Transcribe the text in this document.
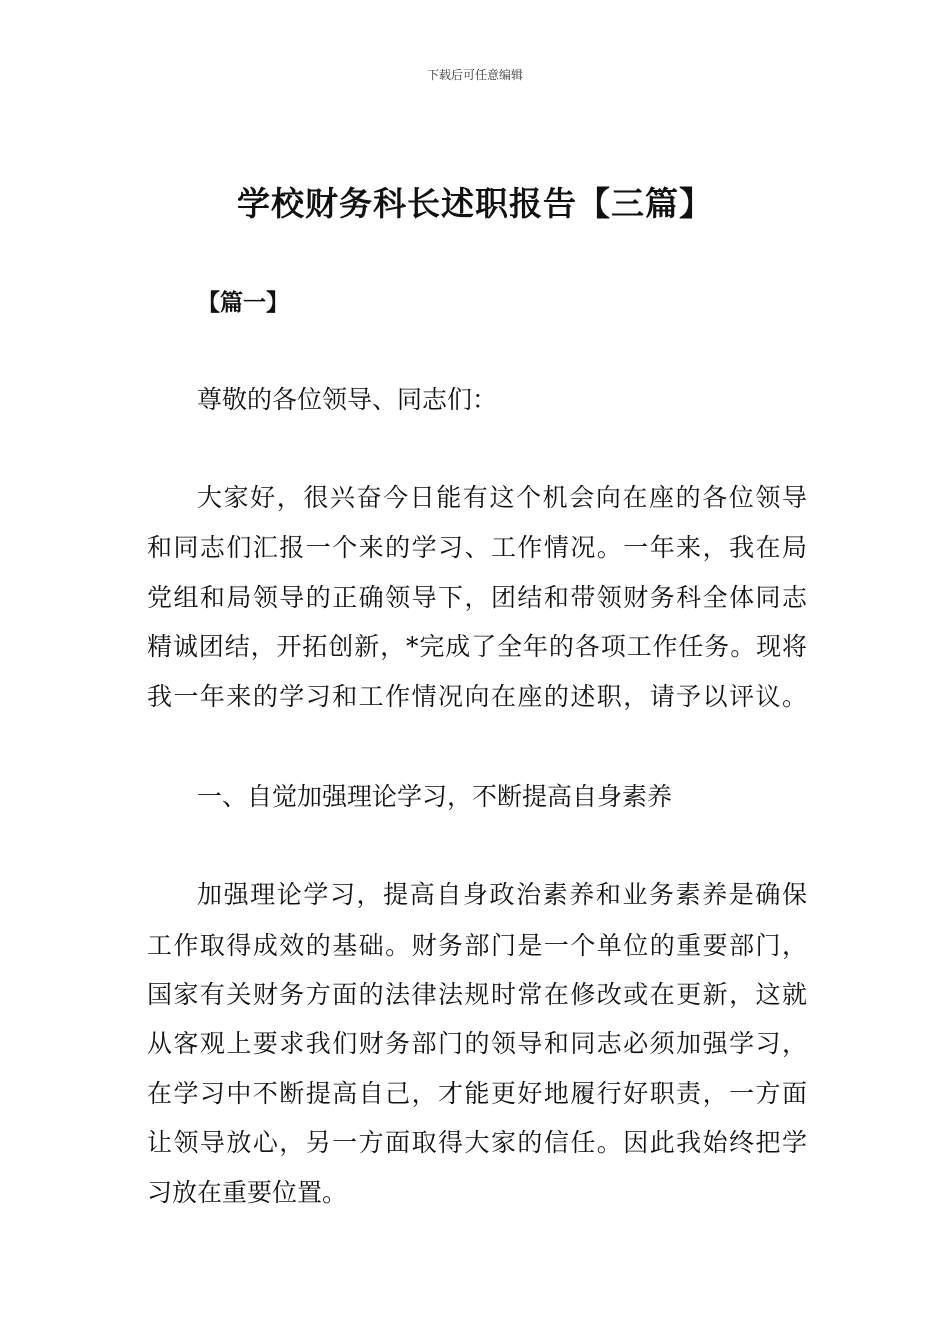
下载后可任意编辑
学校财务科长述职报告【三篇】
【篇一】
尊敬的各位领导、同志们：
大家好，很兴奋今日能有这个机会向在座的各位领导
和同志们汇报一个来的学习、工作情况。一年来，我在局
党组和局领导的正确领导下，团结和带领财务科全体同志
精诚团结，开拓创新，*完成了全年的各项工作任务。现将
我一年来的学习和工作情况向在座的述职，请予以评议。
一、自觉加强理论学习，不断提高自身素养
加强理论学习，提高自身政治素养和业务素养是确保
工作取得成效的基础。财务部门是一个单位的重要部门，
国家有关财务方面的法律法规时常在修改或在更新，这就
从客观上要求我们财务部门的领导和同志必须加强学习，
在学习中不断提高自己，才能更好地履行好职责，一方面
让领导放心，另一方面取得大家的信任。因此我始终把学
习放在重要位置。
